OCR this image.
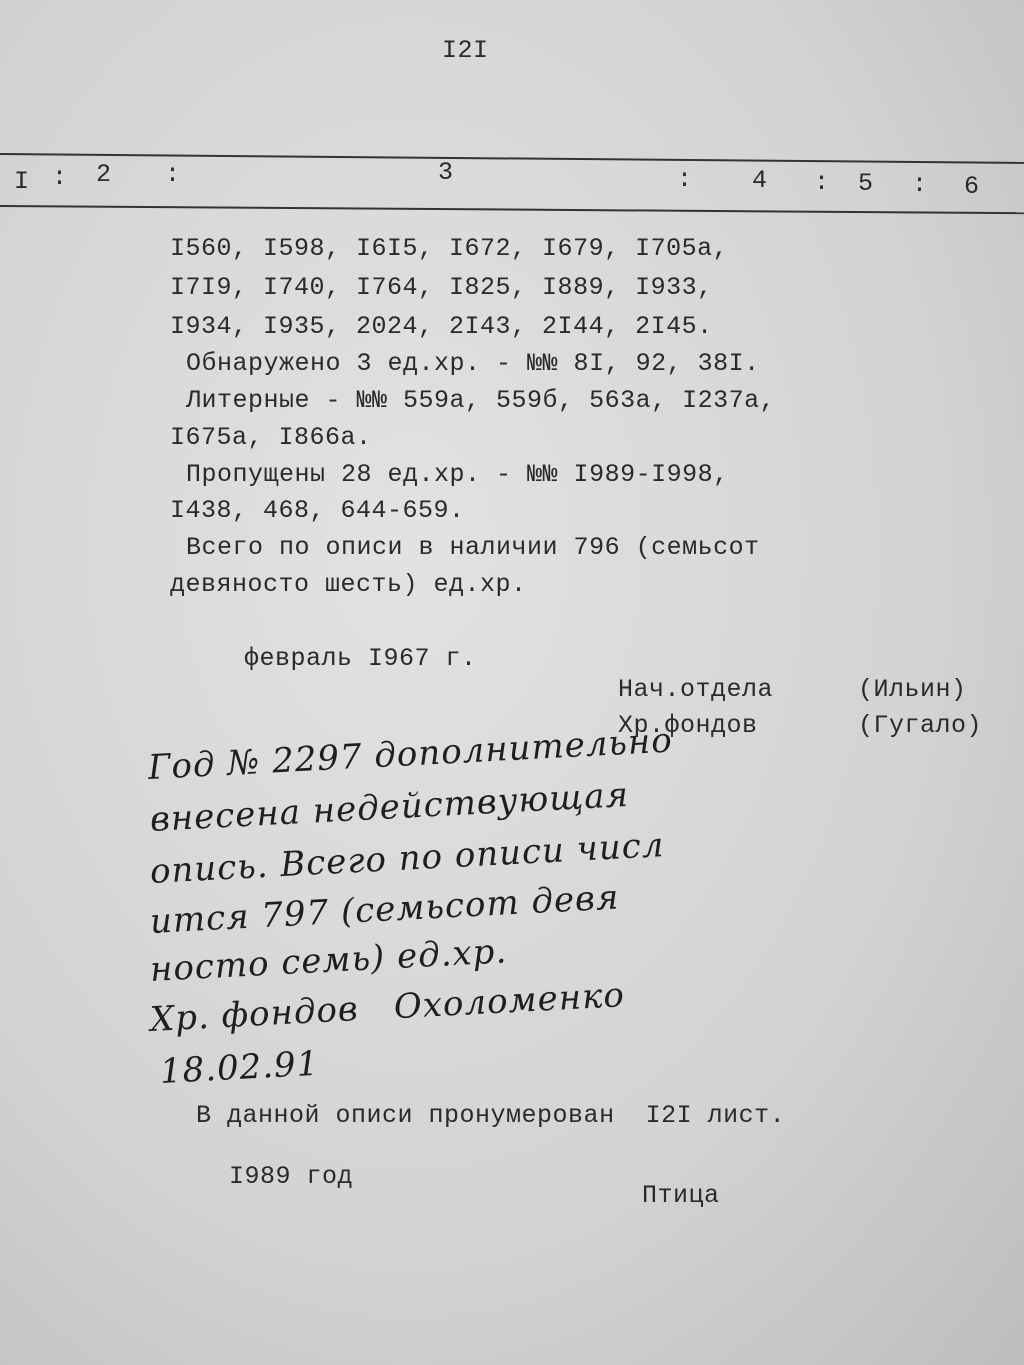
I2I
I : 2 :	3	: 4 : 5 : 6
I560, I598, I6I5, I672, I679, I705а,
I7I9, I740, I764, I825, I889, I933,
I934, I935, 2024, 2I43, 2I44, 2I45.
Обнаружено 3 ед.хр. - №№ 8I, 92, 38I.
Литерные - №№ 559а, 559б, 563а, I237а,
I675а, I866а.
Пропущены 28 ед.хр. - №№ I989-I998,
I438, 468, 644-659.
Всего по описи в наличии 796 (семьсот
девяносто шесть) ед.хр.
февраль I967 г.
Нач.отдела	(Ильин)
Хр.фондов	(Гугало)
Год № 2297 дополнительно
внесена недействующая
опись. Всего по описи числ
ится 797 (семьсот девя
носто семь) ед.хр.
Хр. фондов   Охоломенко
18.02.91
В данной описи пронумерован  I2I лист.
I989 год
Птица
